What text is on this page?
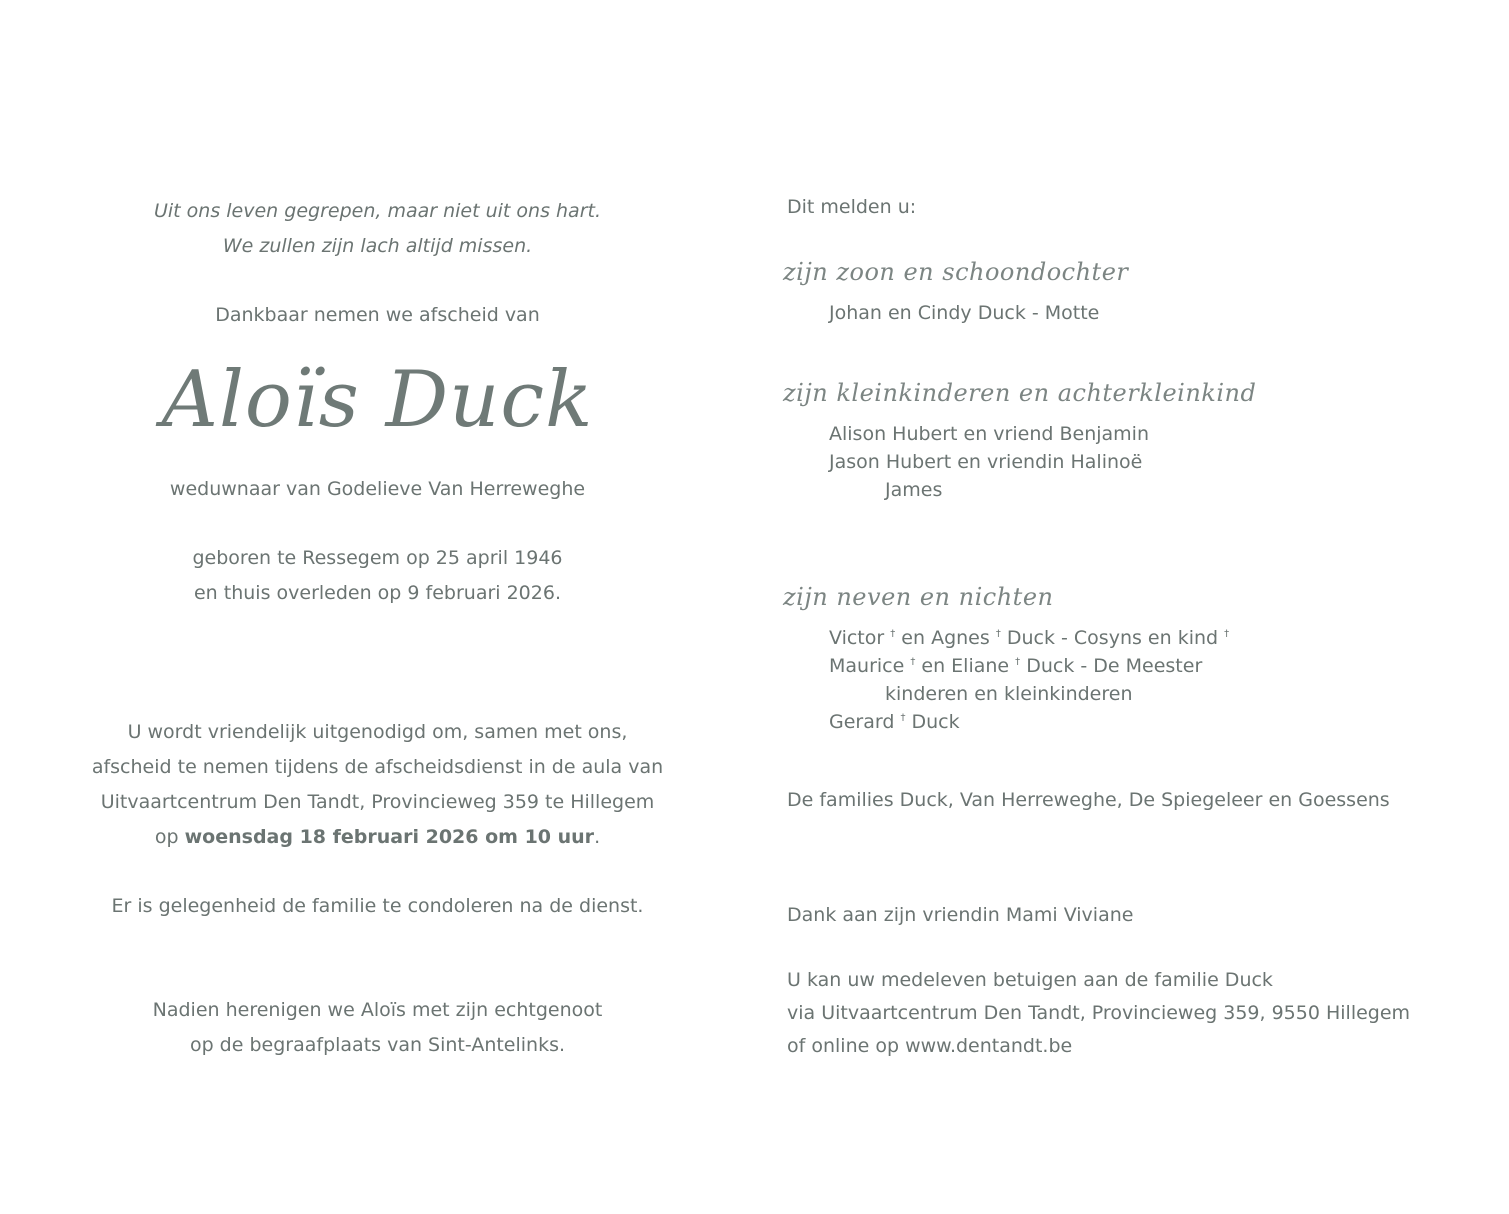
Uit ons leven gegrepen, maar niet uit ons hart.
We zullen zijn lach altijd missen.
Dankbaar nemen we afscheid van
Aloïs Duck
weduwnaar van Godelieve Van Herreweghe
geboren te Ressegem op 25 april 1946
en thuis overleden op 9 februari 2026.
U wordt vriendelijk uitgenodigd om, samen met ons,
afscheid te nemen tijdens de afscheidsdienst in de aula van
Uitvaartcentrum Den Tandt, Provincieweg 359 te Hillegem
op woensdag 18 februari 2026 om 10 uur.
Er is gelegenheid de familie te condoleren na de dienst.
Nadien herenigen we Aloïs met zijn echtgenoot
op de begraafplaats van Sint-Antelinks.
Dit melden u:
zijn zoon en schoondochter
Johan en Cindy Duck - Motte
zijn kleinkinderen en achterkleinkind
Alison Hubert en vriend Benjamin
Jason Hubert en vriendin Halinoë
James
zijn neven en nichten
Victor † en Agnes † Duck - Cosyns en kind †
Maurice † en Eliane † Duck - De Meester
kinderen en kleinkinderen
Gerard † Duck
De families Duck, Van Herreweghe, De Spiegeleer en Goessens
Dank aan zijn vriendin Mami Viviane
U kan uw medeleven betuigen aan de familie Duck
via Uitvaartcentrum Den Tandt, Provincieweg 359, 9550 Hillegem
of online op www.dentandt.be
